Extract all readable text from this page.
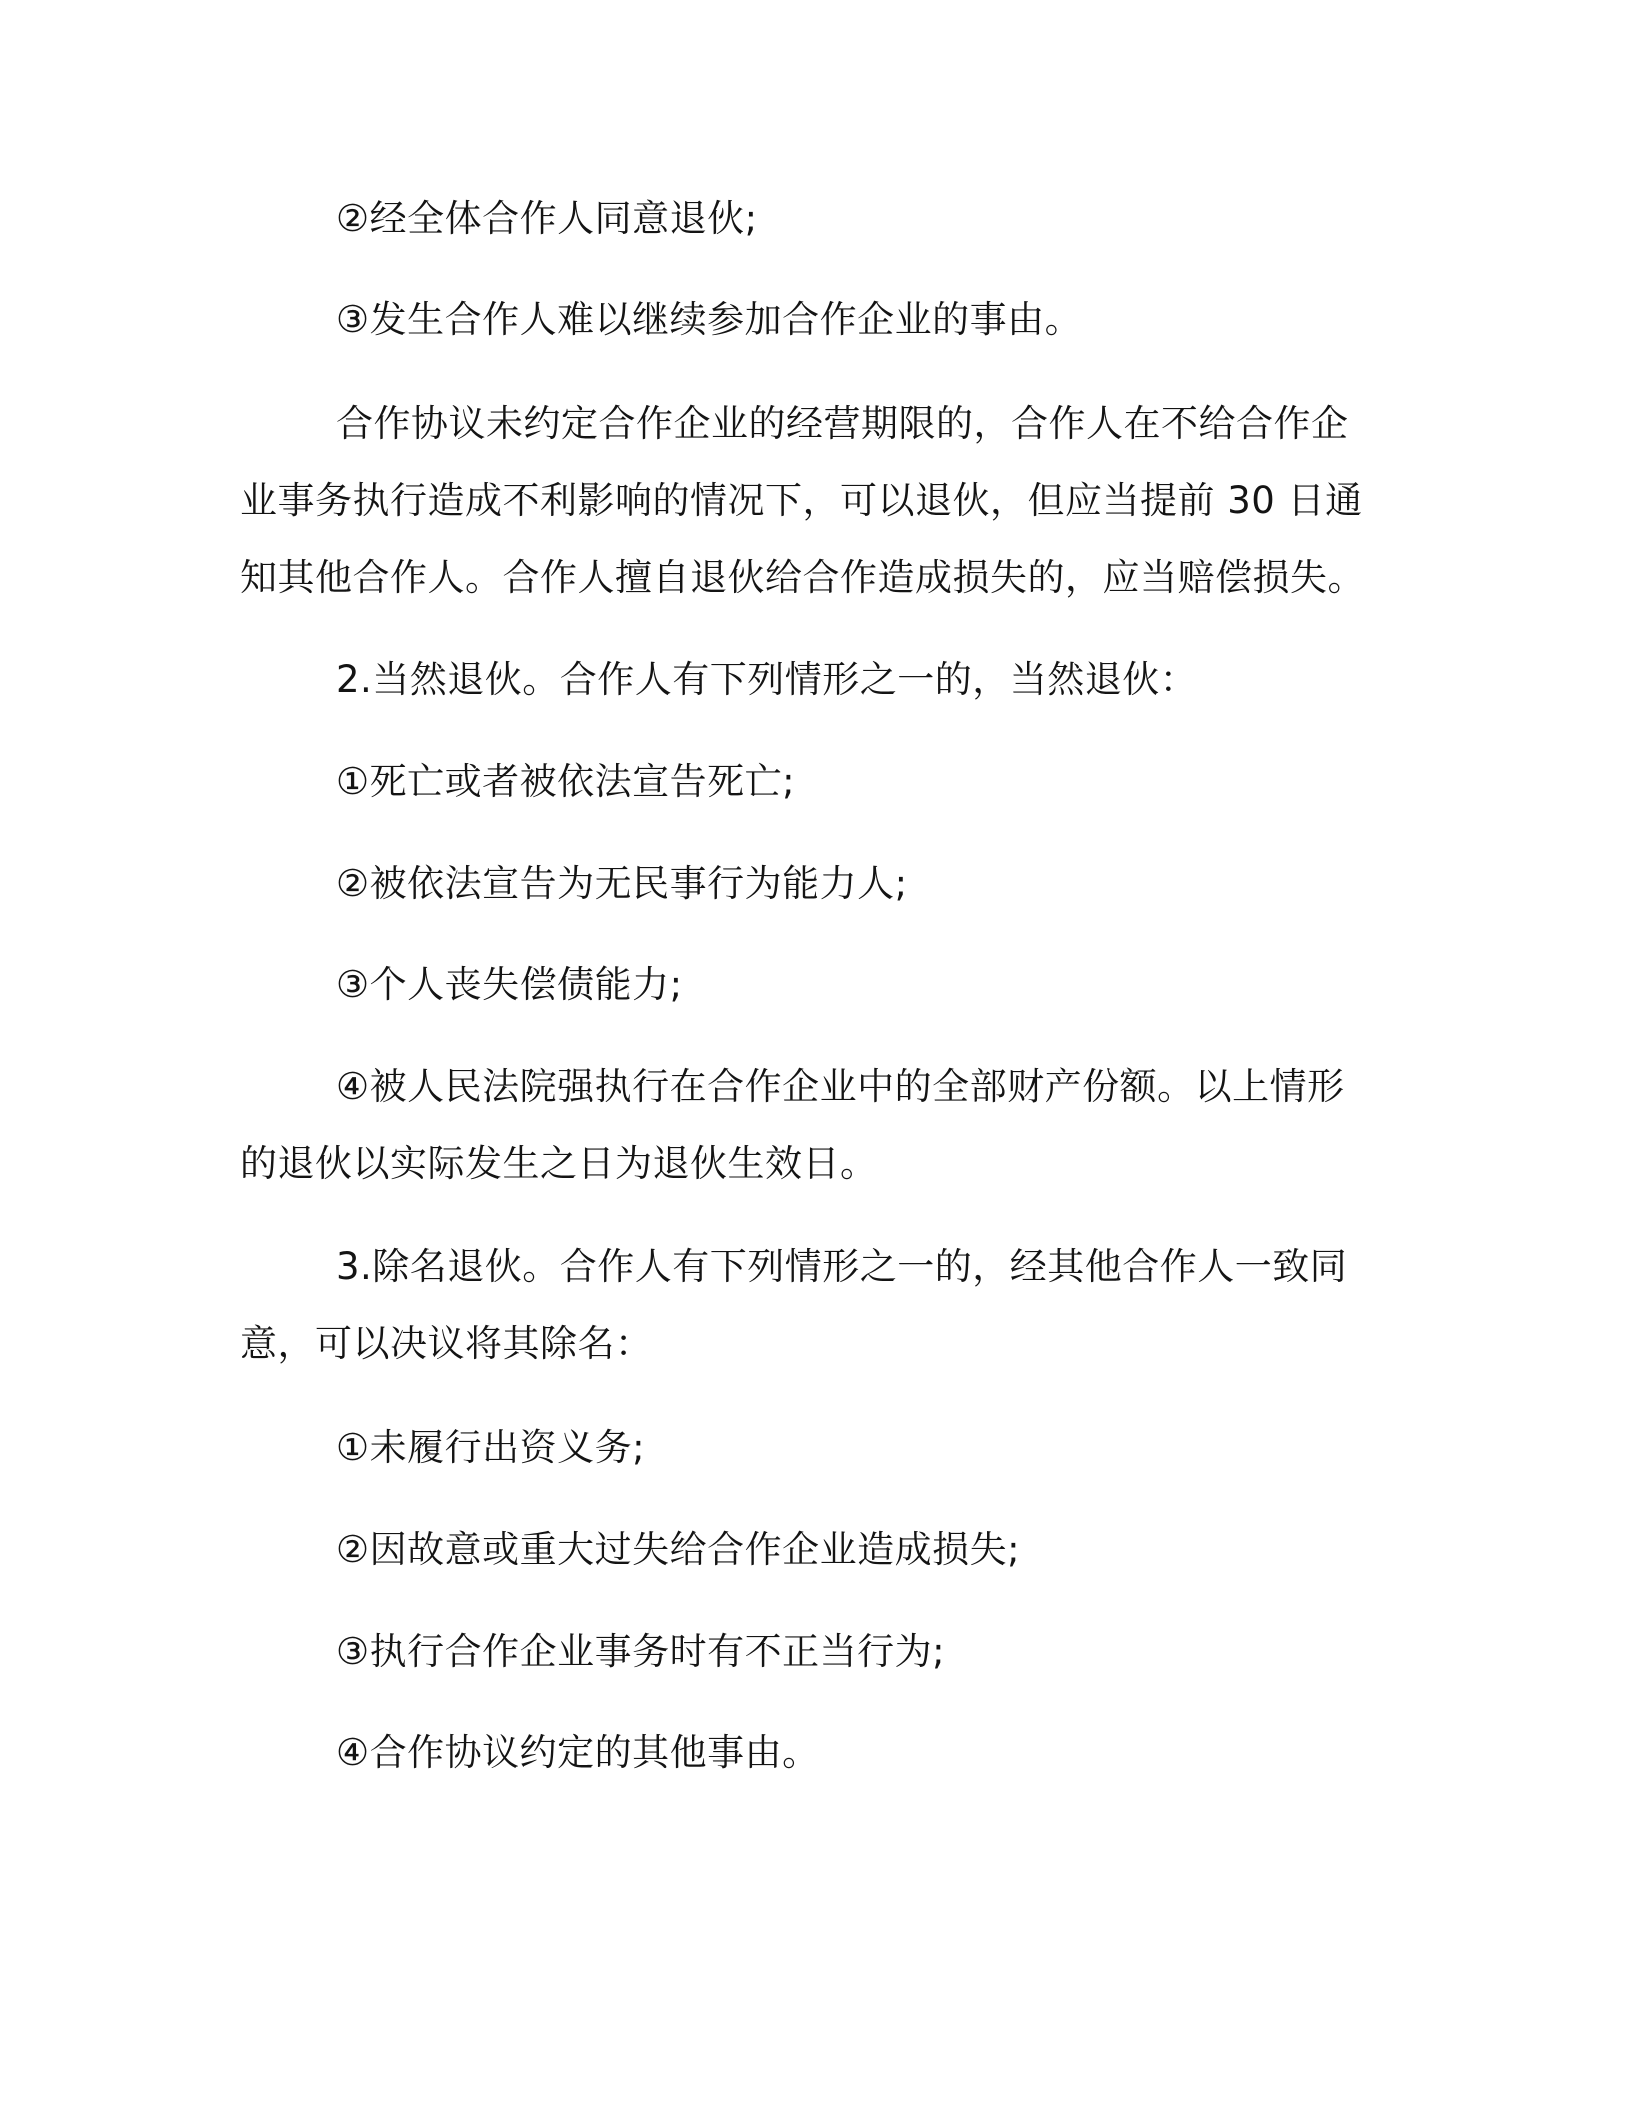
②经全体合作人同意退伙;

③发生合作人难以继续参加合作企业的事由。

合作协议未约定合作企业的经营期限的，合作人在不给合作企业事务执行造成不利影响的情况下，可以退伙，但应当提前 30 日通知其他合作人。合作人擅自退伙给合作造成损失的，应当赔偿损失。

2.当然退伙。合作人有下列情形之一的，当然退伙：

①死亡或者被依法宣告死亡;

②被依法宣告为无民事行为能力人;

③个人丧失偿债能力;

④被人民法院强执行在合作企业中的全部财产份额。以上情形的退伙以实际发生之日为退伙生效日。

3.除名退伙。合作人有下列情形之一的，经其他合作人一致同意，可以决议将其除名：

①未履行出资义务;

②因故意或重大过失给合作企业造成损失;

③执行合作企业事务时有不正当行为;

④合作协议约定的其他事由。
